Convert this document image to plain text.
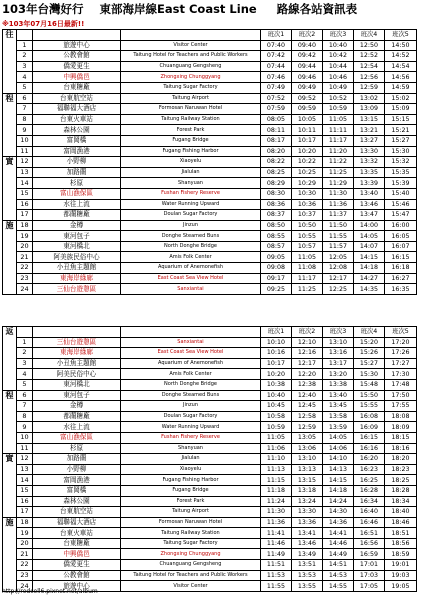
103年台灣好行 東部海岸線East Coast Line 路線各站資訊表
※103年07月16日最新!!
往				班次1	班次2	班次3	班次4	班次5
	1	旅遊中心	Visitor Center	07:40	09:40	10:40	12:50	14:50
	2	公教會館	Taitung Hotel for Teachers and Public Workers	07:42	09:42	10:42	12:52	14:52
	3	僑愛更生	Chuanguang Gengsheng	07:44	09:44	10:44	12:54	14:54
	4	中興僑邑	Zhongxing Chunggyang	07:46	09:46	10:46	12:56	14:56
	5	台東糖廠	Taitung Sugar Factory	07:49	09:49	10:49	12:59	14:59
程	6	台東航空站	Taitung Airport	07:52	09:52	10:52	13:02	15:02
	7	福聯福大酒店	Formosan Naruwan Hotel	07:59	09:59	10:59	13:09	15:09
	8	台東火車站	Taitung Railway Station	08:05	10:05	11:05	13:15	15:15
	9	森林公園	Forest Park	08:11	10:11	11:11	13:21	15:21
	10	富岡橋	Fugang Bridge	08:17	10:17	11:17	13:27	15:27
	11	富岡漁港	Fugang Fishing Harbor	08:20	10:20	11:20	13:30	15:30
實	12	小野柳	Xiaoyelu	08:22	10:22	11:22	13:32	15:32
	13	加路蘭	Jialulan	08:25	10:25	11:25	13:35	15:35
	14	杉原	Shanyuan	08:29	10:29	11:29	13:39	15:39
	15	富山漁保區	Fushan Fishery Reserve	08:30	10:30	11:30	13:40	15:40
	16	水往上流	Water Running Upward	08:36	10:36	11:36	13:46	15:46
	17	都蘭糖廠	Doulan Sugar Factory	08:37	10:37	11:37	13:47	15:47
施	18	金樽	Jinzun	08:50	10:50	11:50	14:00	16:00
	19	東河包子	Donghe Steamed Buns	08:55	10:55	11:55	14:05	16:05
	20	東河橋北	North Donghe Bridge	08:57	10:57	11:57	14:07	16:07
	21	阿美族民俗中心	Amis Folk Center	09:05	11:05	12:05	14:15	16:15
	22	小丑魚主題館	Aquarium of Anemonefish	09:08	11:08	12:08	14:18	16:18
	23	東海岸綠廊	East Coast Sea View Hotel	09:17	11:17	12:17	14:27	16:27
	24	三仙台遊憩區	Sanxiantai	09:25	11:25	12:25	14:35	16:35
返				班次1	班次2	班次3	班次4	班次5
	1	三仙台遊憩區	Sanxiantai	10:10	12:10	13:10	15:20	17:20
	2	東海岸綠廊	East Coast Sea View Hotel	10:16	12:16	13:16	15:26	17:26
	3	小丑魚主題館	Aquarium of Anemonefish	10:17	12:17	13:17	15:27	17:27
	4	阿美民俗中心	Amis Folk Center	10:20	12:20	13:20	15:30	17:30
	5	東河橋北	North Donghe Bridge	10:38	12:38	13:38	15:48	17:48
程	6	東河包子	Donghe Steamed Buns	10:40	12:40	13:40	15:50	17:50
	7	金樽	Jinzun	10:45	12:45	13:45	15:55	17:55
	8	都蘭糖廠	Doulan Sugar Factory	10:58	12:58	13:58	16:08	18:08
	9	水往上流	Water Running Upward	10:59	12:59	13:59	16:09	18:09
	10	富山漁保區	Fushan Fishery Reserve	11:05	13:05	14:05	16:15	18:15
	11	杉原	Shanyuan	11:06	13:06	14:06	16:16	18:16
實	12	加路蘭	Jialulan	11:10	13:10	14:10	16:20	18:20
	13	小野柳	Xiaoyelu	11:13	13:13	14:13	16:23	18:23
	14	富岡漁港	Fugang Fishing Harbor	11:15	13:15	14:15	16:25	18:25
	15	富岡橋	Fugang Bridge	11:18	13:18	14:18	16:28	18:28
	16	森林公園	Forest Park	11:24	13:24	14:24	16:34	18:34
	17	台東航空站	Taitung Airport	11:30	13:30	14:30	16:40	18:40
施	18	福聯福大酒店	Formosan Naruwan Hotel	11:36	13:36	14:36	16:46	18:46
	19	台東火車站	Taitung Railway Station	11:41	13:41	14:41	16:51	18:51
	20	台東糖廠	Taitung Sugar Factory	11:46	13:46	14:46	16:56	18:56
	21	中興僑邑	Zhongxing Chunggyang	11:49	13:49	14:49	16:59	18:59
	22	僑愛更生	Chuanguang Gengsheng	11:51	13:51	14:51	17:01	19:01
	23	公教會館	Taitung Hotel for Teachers and Public Workers	11:53	13:53	14:53	17:03	19:03
	24	旅遊中心	Visitor Center	11:55	13:55	14:55	17:05	19:05
http://redcell6.pixnet.net/album
